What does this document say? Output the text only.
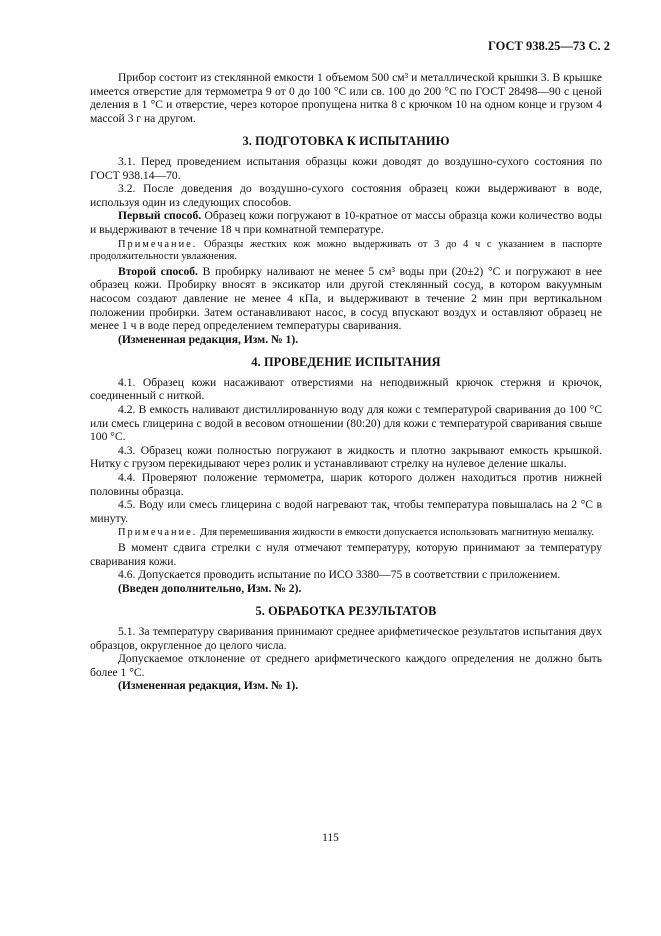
ГОСТ 938.25—73 С. 2

Прибор состоит из стеклянной емкости 1 объемом 500 см³ и металлической крышки 3. В крышке имеется отверстие для термометра 9 от 0 до 100 °С или св. 100 до 200 °С по ГОСТ 28498—90 с ценой деления в 1 °С и отверстие, через которое пропущена нитка 8 с крючком 10 на одном конце и грузом 4 массой 3 г на другом.

3. ПОДГОТОВКА К ИСПЫТАНИЮ

3.1. Перед проведением испытания образцы кожи доводят до воздушно-сухого состояния по ГОСТ 938.14—70.

3.2. После доведения до воздушно-сухого состояния образец кожи выдерживают в воде, используя один из следующих способов.

Первый способ. Образец кожи погружают в 10-кратное от массы образца кожи количество воды и выдерживают в течение 18 ч при комнатной температуре.

Примечание. Образцы жестких кож можно выдерживать от 3 до 4 ч с указанием в паспорте продолжительности увлажнения.

Второй способ. В пробирку наливают не менее 5 см³ воды при (20±2) °С и погружают в нее образец кожи. Пробирку вносят в эксикатор или другой стеклянный сосуд, в котором вакуумным насосом создают давление не менее 4 кПа, и выдерживают в течение 2 мин при вертикальном положении пробирки. Затем останавливают насос, в сосуд впускают воздух и оставляют образец не менее 1 ч в воде перед определением температуры сваривания.

(Измененная редакция, Изм. № 1).

4. ПРОВЕДЕНИЕ ИСПЫТАНИЯ

4.1. Образец кожи насаживают отверстиями на неподвижный крючок стержня и крючок, соединенный с ниткой.

4.2. В емкость наливают дистиллированную воду для кожи с температурой сваривания до 100 °С или смесь глицерина с водой в весовом отношении (80:20) для кожи с температурой сваривания свыше 100 °С.

4.3. Образец кожи полностью погружают в жидкость и плотно закрывают емкость крышкой. Нитку с грузом перекидывают через ролик и устанавливают стрелку на нулевое деление шкалы.

4.4. Проверяют положение термометра, шарик которого должен находиться против нижней половины образца.

4.5. Воду или смесь глицерина с водой нагревают так, чтобы температура повышалась на 2 °С в минуту.

Примечание. Для перемешивания жидкости в емкости допускается использовать магнитную мешалку.

В момент сдвига стрелки с нуля отмечают температуру, которую принимают за температуру сваривания кожи.

4.6. Допускается проводить испытание по ИСО 3380—75 в соответствии с приложением.

(Введен дополнительно, Изм. № 2).

5. ОБРАБОТКА РЕЗУЛЬТАТОВ

5.1. За температуру сваривания принимают среднее арифметическое результатов испытания двух образцов, округленное до целого числа.

Допускаемое отклонение от среднего арифметического каждого определения не должно быть более 1 °С.

(Измененная редакция, Изм. № 1).

115
